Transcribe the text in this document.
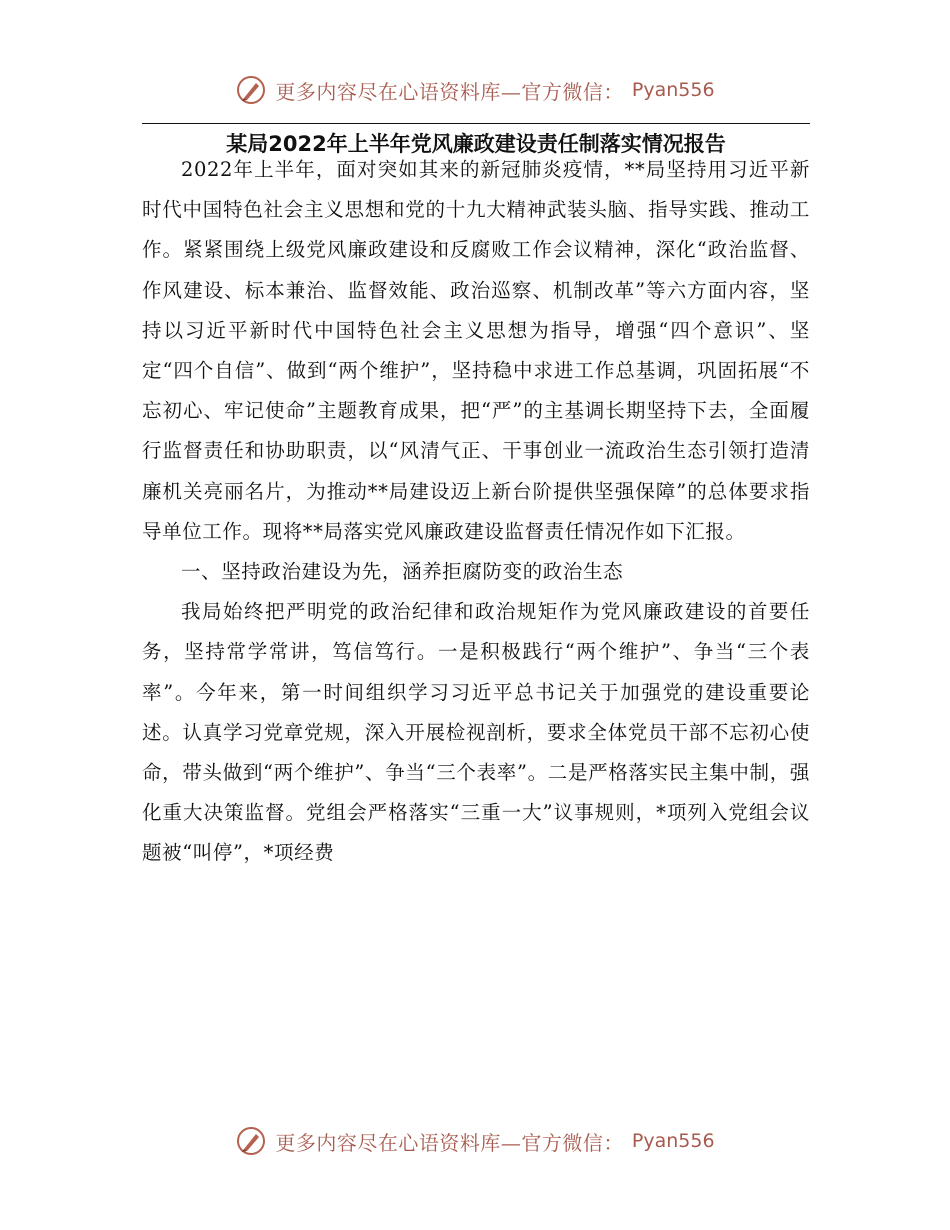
更多内容尽在心语资料库—官方微信： Pyan556
某局2022年上半年党风廉政建设责任制落实情况报告

2022年上半年，面对突如其来的新冠肺炎疫情，**局坚持用习近平新时代中国特色社会主义思想和党的十九大精神武装头脑、指导实践、推动工作。紧紧围绕上级党风廉政建设和反腐败工作会议精神，深化“政治监督、作风建设、标本兼治、监督效能、政治巡察、机制改革”等六方面内容，坚持以习近平新时代中国特色社会主义思想为指导，增强“四个意识”、坚定“四个自信”、做到“两个维护”，坚持稳中求进工作总基调，巩固拓展“不忘初心、牢记使命”主题教育成果，把“严”的主基调长期坚持下去，全面履行监督责任和协助职责，以“风清气正、干事创业一流政治生态引领打造清廉机关亮丽名片，为推动**局建设迈上新台阶提供坚强保障”的总体要求指导单位工作。现将**局落实党风廉政建设监督责任情况作如下汇报。

一、坚持政治建设为先，涵养拒腐防变的政治生态

我局始终把严明党的政治纪律和政治规矩作为党风廉政建设的首要任务，坚持常学常讲，笃信笃行。一是积极践行“两个维护”、争当“三个表率”。今年来，第一时间组织学习习近平总书记关于加强党的建设重要论述。认真学习党章党规，深入开展检视剖析，要求全体党员干部不忘初心使命，带头做到“两个维护”、争当“三个表率”。二是严格落实民主集中制，强化重大决策监督。党组会严格落实“三重一大”议事规则，*项列入党组会议题被“叫停”，*项经费

更多内容尽在心语资料库—官方微信： Pyan556
